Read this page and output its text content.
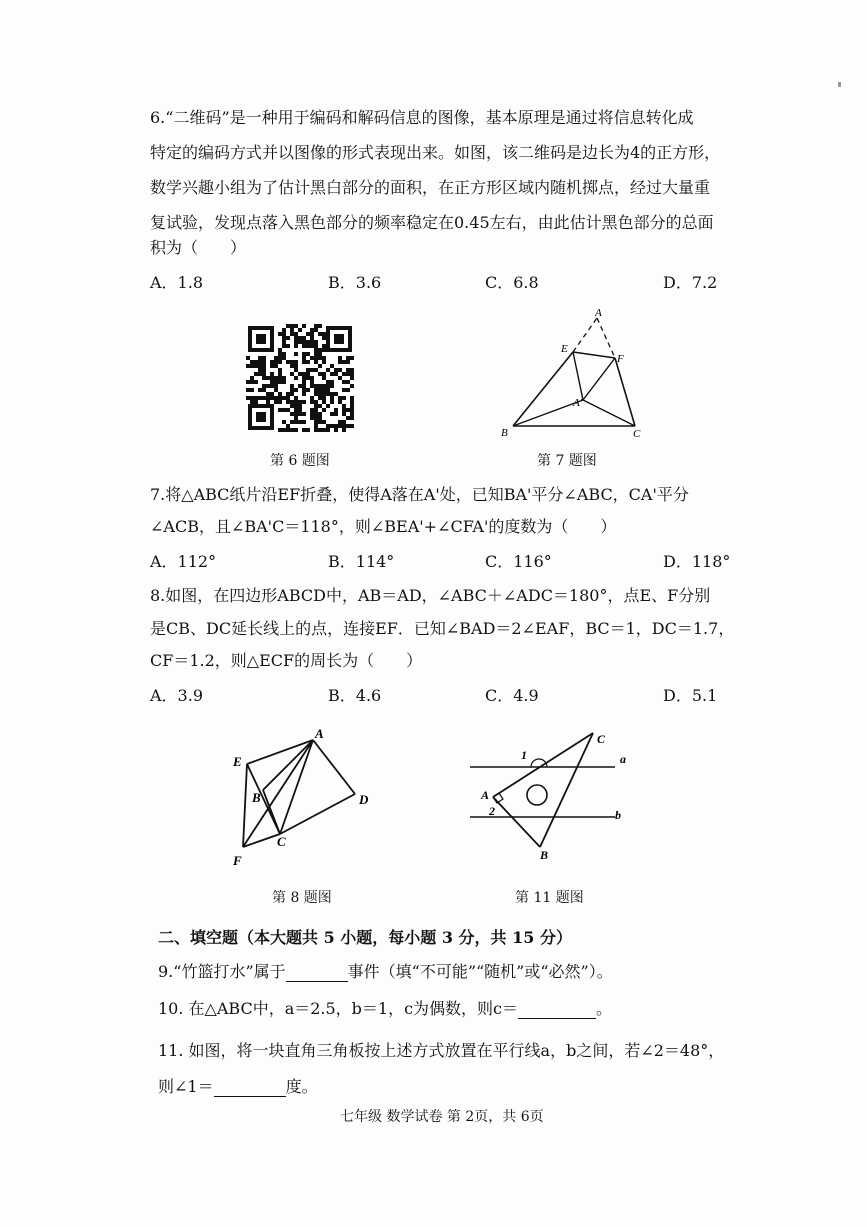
6.“二维码”是一种用于编码和解码信息的图像，基本原理是通过将信息转化成
特定的编码方式并以图像的形式表现出来。如图，该二维码是边长为4的正方形，
数学兴趣小组为了估计黑白部分的面积，在正方形区域内随机掷点，经过大量重
复试验，发现点落入黑色部分的频率稳定在0.45左右，由此估计黑色部分的总面
积为（　　）
A．1.8	B．3.6	C．6.8	D．7.2
第 6 题图
A
E
F
A'
B	C
第 7 题图
7.将△ABC纸片沿EF折叠，使得A落在A'处，已知BA'平分∠ABC，CA'平分
∠ACB，且∠BA'C＝118°，则∠BEA'+∠CFA'的度数为（　　）
A．112°	B．114°	C．116°	D．118°
8.如图，在四边形ABCD中，AB＝AD，∠ABC＋∠ADC＝180°，点E、F分别
是CB、DC延长线上的点，连接EF．已知∠BAD＝2∠EAF，BC＝1，DC＝1.7，
CF＝1.2，则△ECF的周长为（　　）
A．3.9	B．4.6	C．4.9	D．5.1
A
E
B	D
C
F
第 8 题图
1
C
a
A
2	b
B
第 11 题图
二、填空题（本大题共 5 小题，每小题 3 分，共 15 分）
9.“竹篮打水”属于	事件（填“不可能”“随机”或“必然”）。
10. 在△ABC中，a＝2.5，b＝1，c为偶数，则c＝	。
11. 如图，将一块直角三角板按上述方式放置在平行线a，b之间，若∠2＝48°，
则∠1＝	度。
七年级 数学试卷 第 2页，共 6页
